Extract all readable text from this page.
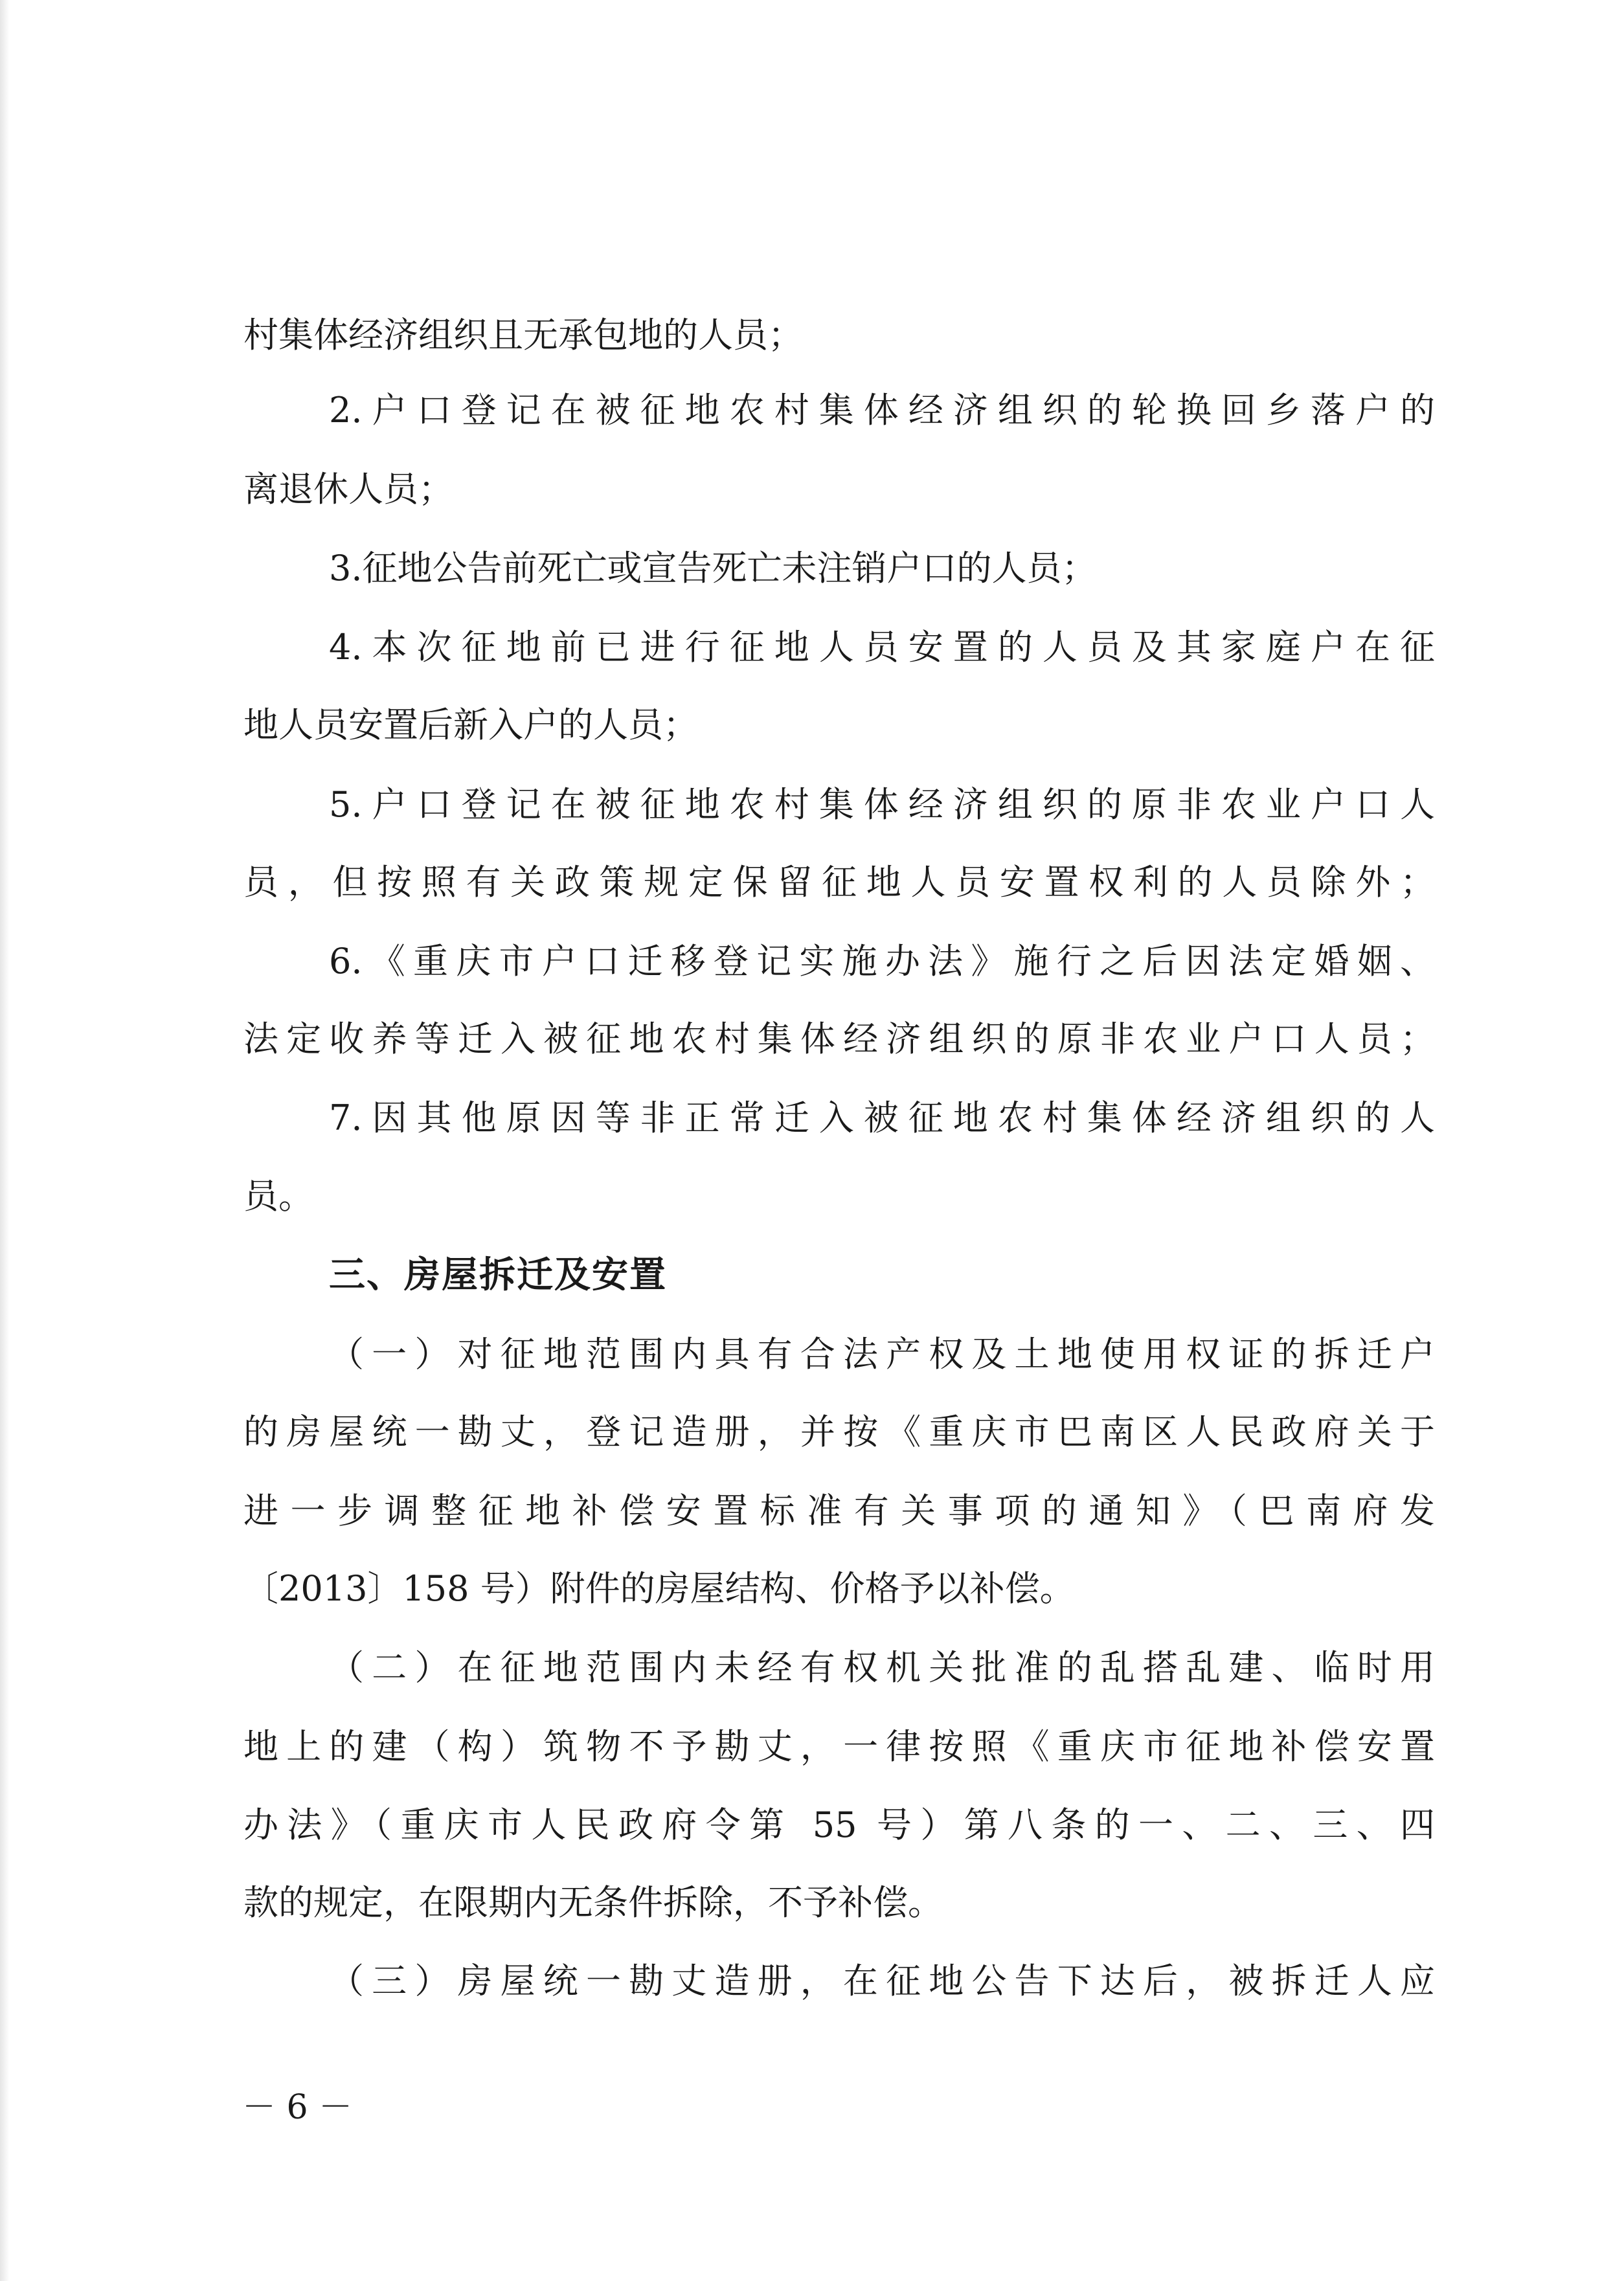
村集体经济组织且无承包地的人员；
2.户口登记在被征地农村集体经济组织的轮换回乡落户的
离退休人员；
3.征地公告前死亡或宣告死亡未注销户口的人员；
4.本次征地前已进行征地人员安置的人员及其家庭户在征
地人员安置后新入户的人员；
5.户口登记在被征地农村集体经济组织的原非农业户口人
员，但按照有关政策规定保留征地人员安置权利的人员除外；
6.《重庆市户口迁移登记实施办法》施行之后因法定婚姻、
法定收养等迁入被征地农村集体经济组织的原非农业户口人员；
7.因其他原因等非正常迁入被征地农村集体经济组织的人
员。
三、房屋拆迁及安置
（一）对征地范围内具有合法产权及土地使用权证的拆迁户
的房屋统一勘丈，登记造册，并按《重庆市巴南区人民政府关于
进一步调整征地补偿安置标准有关事项的通知》（巴南府发
〔2013〕158 号）附件的房屋结构、价格予以补偿。
（二）在征地范围内未经有权机关批准的乱搭乱建、临时用
地上的建（构）筑物不予勘丈，一律按照《重庆市征地补偿安置
办法》（重庆市人民政府令第 55 号）第八条的一、二、三、四
款的规定，在限期内无条件拆除，不予补偿。
（三）房屋统一勘丈造册，在征地公告下达后，被拆迁人应
－ 6 －
